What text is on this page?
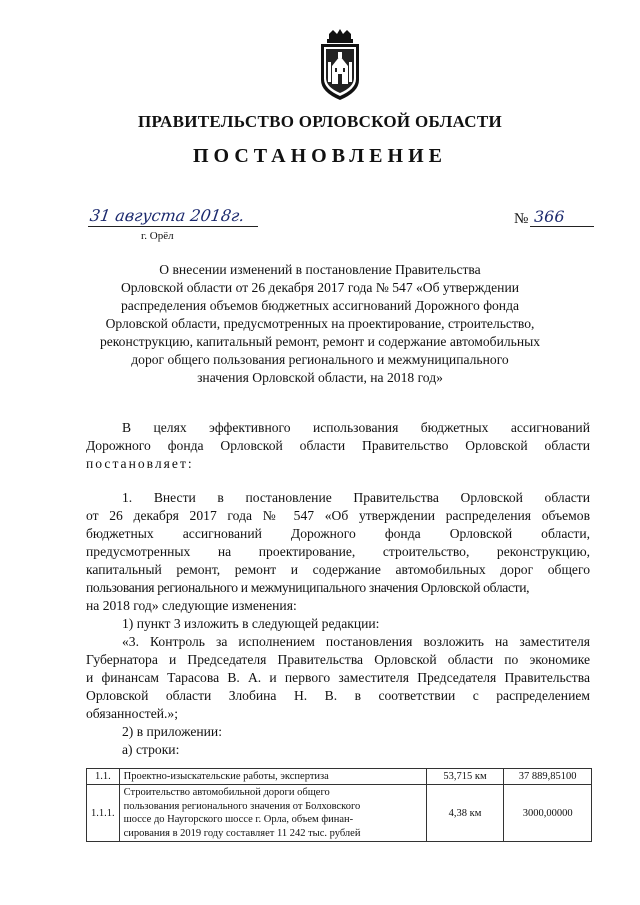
ПРАВИТЕЛЬСТВО ОРЛОВСКОЙ ОБЛАСТИ
ПОСТАНОВЛЕНИЕ
31 августа 2018г.
г. Орёл
№ 366
О внесении изменений в постановление Правительства
Орловской области от 26 декабря 2017 года № 547 «Об утверждении
распределения объемов бюджетных ассигнований Дорожного фонда
Орловской области, предусмотренных на проектирование, строительство,
реконструкцию, капитальный ремонт, ремонт и содержание автомобильных
дорог общего пользования регионального и межмуниципального
значения Орловской области, на 2018 год»
В целях эффективного использования бюджетных ассигнований
Дорожного фонда Орловской области Правительство Орловской области
постановляет:
1. Внести в постановление Правительства Орловской области
от 26 декабря 2017 года № 547 «Об утверждении распределения объемов
бюджетных ассигнований Дорожного фонда Орловской области,
предусмотренных на проектирование, строительство, реконструкцию,
капитальный ремонт, ремонт и содержание автомобильных дорог общего
пользования регионального и межмуниципального значения Орловской области,
на 2018 год» следующие изменения:
1) пункт 3 изложить в следующей редакции:
«3. Контроль за исполнением постановления возложить на заместителя
Губернатора и Председателя Правительства Орловской области по экономике
и финансам Тарасова В. А. и первого заместителя Председателя Правительства
Орловской области Злобина Н. В. в соответствии с распределением
обязанностей.»;
2) в приложении:
а) строки:
1.1.	Проектно-изыскательские работы, экспертиза	53,715 км	37 889,85100
1.1.1.	Строительство автомобильной дороги общего
пользования регионального значения от Болховского
шоссе до Наугорского шоссе г. Орла, объем финан-
сирования в 2019 году составляет 11 242 тыс. рублей	4,38 км	3000,00000
